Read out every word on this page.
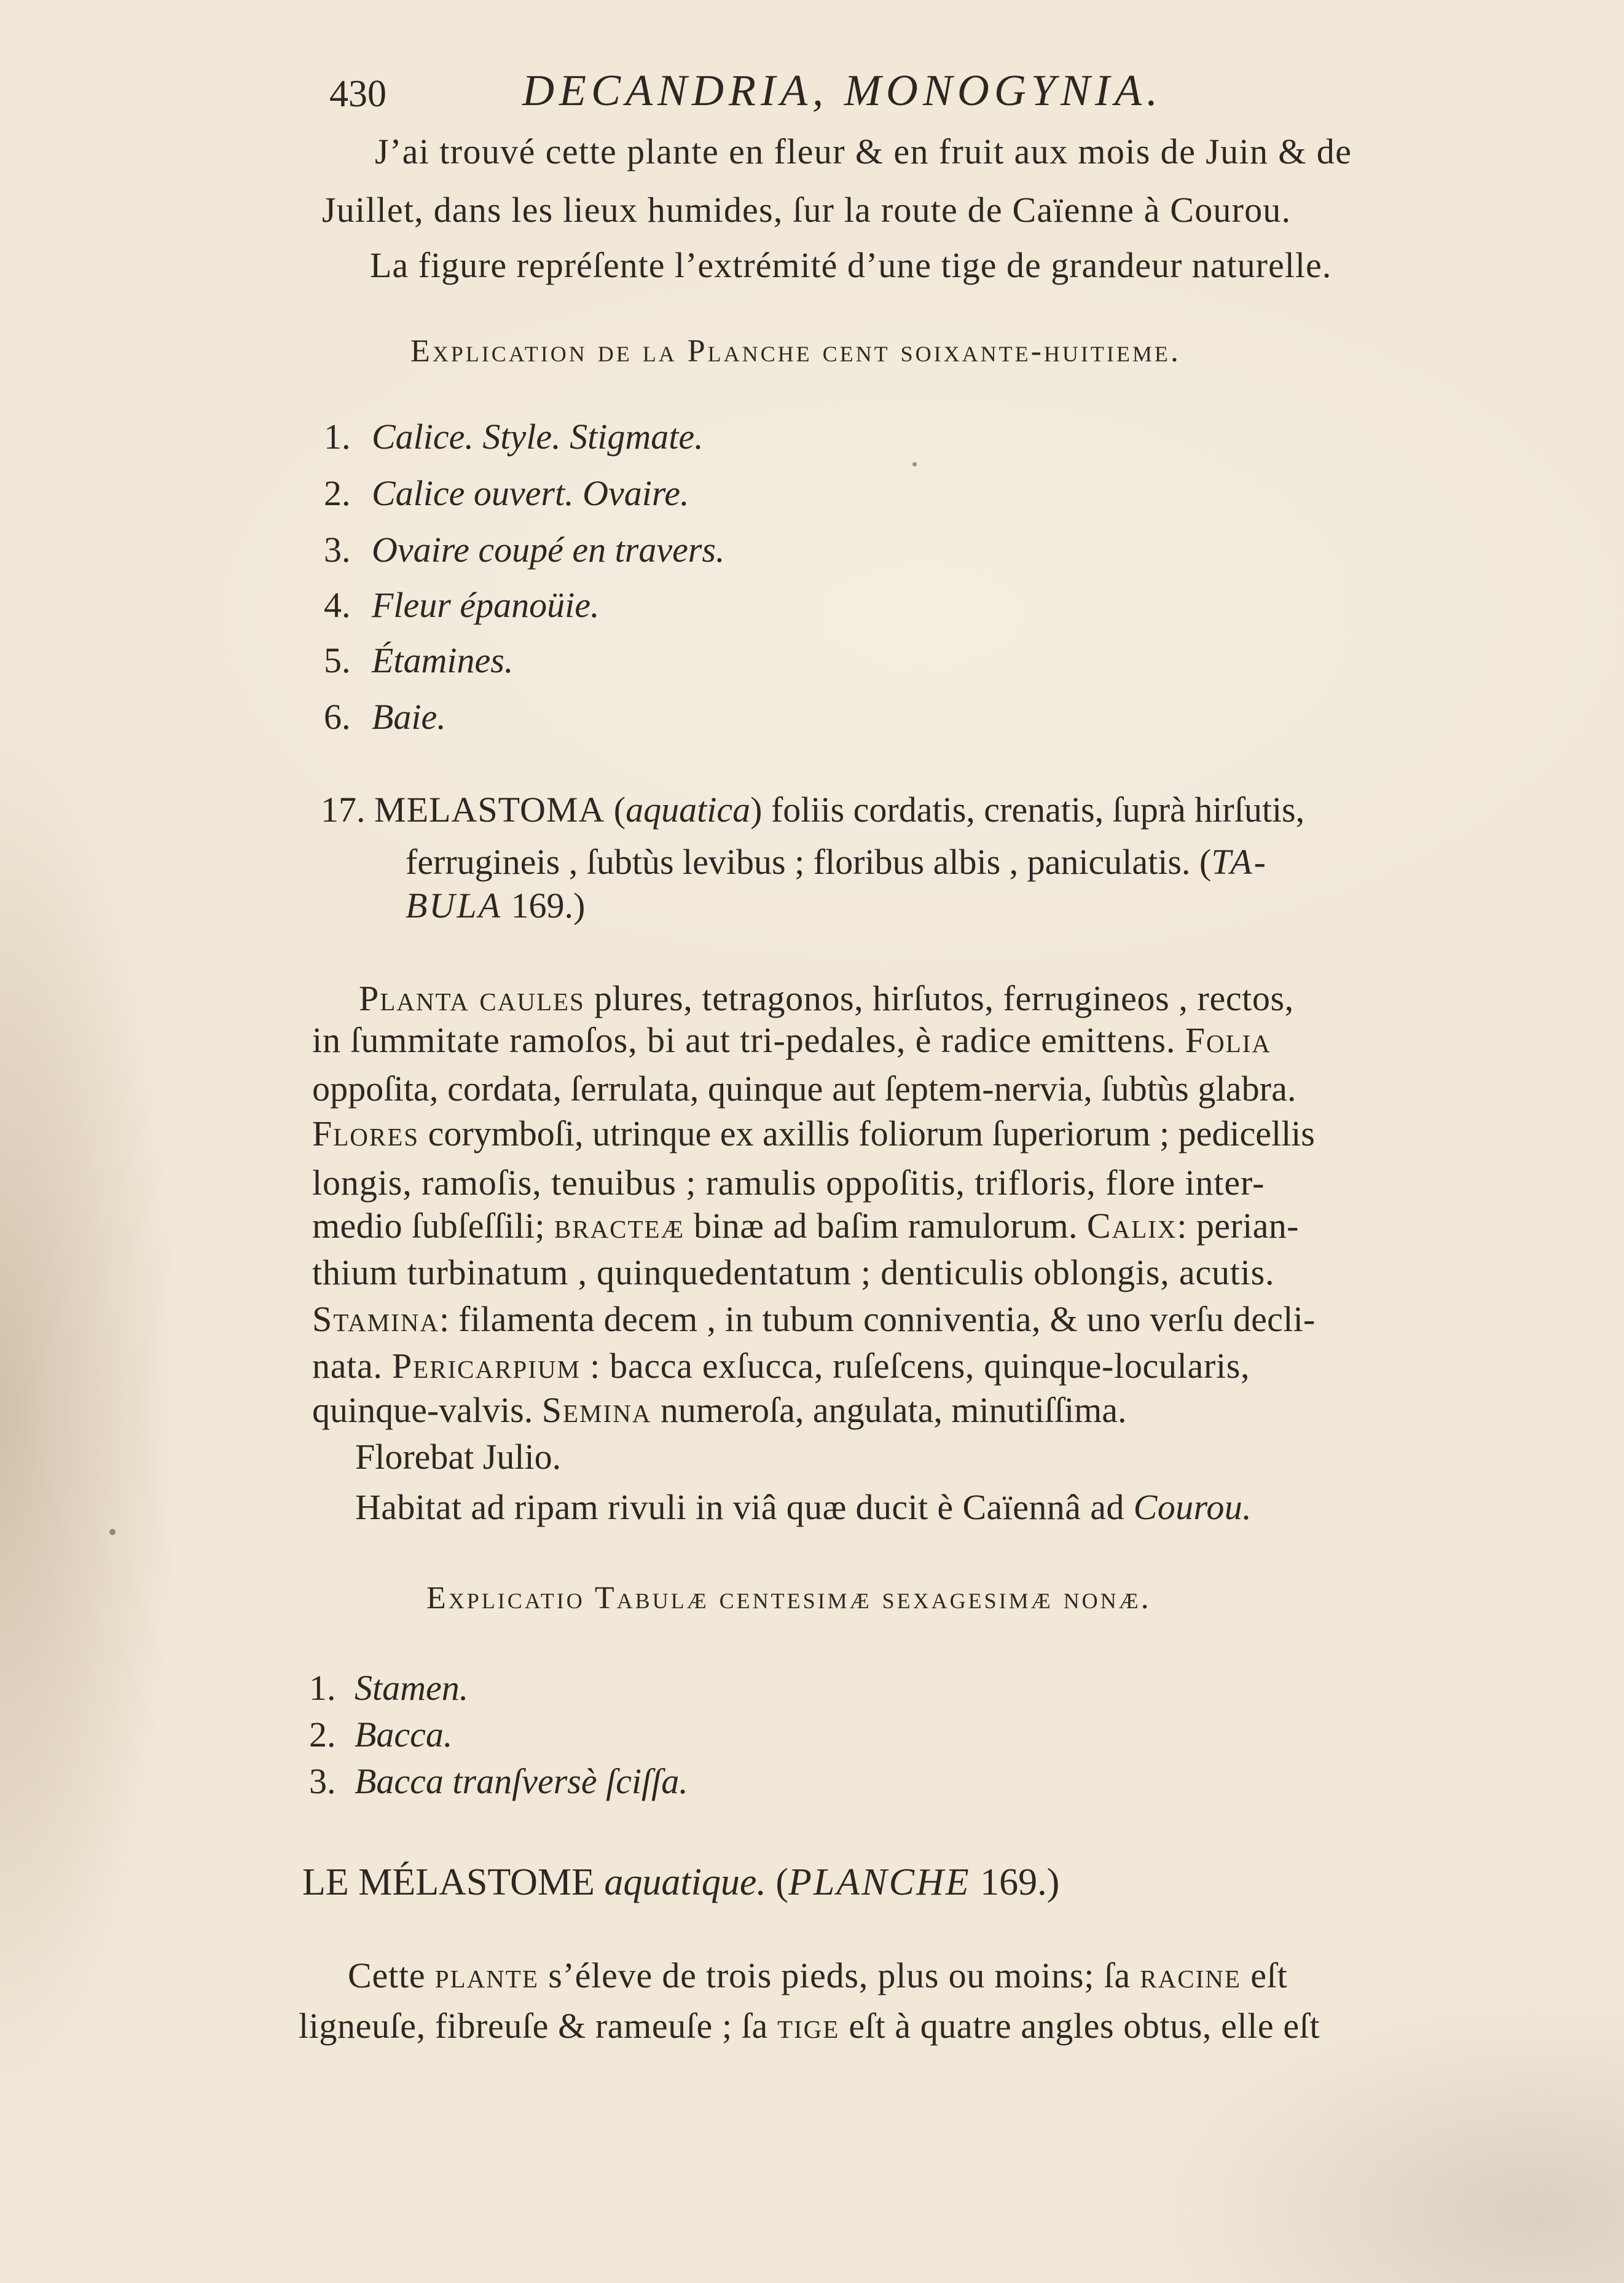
430	DECANDRIA, MONOGYNIA.
J’ai trouvé cette plante en fleur & en fruit aux mois de Juin & de
Juillet, dans les lieux humides, ſur la route de Caïenne à Courou.
La figure repréſente l’extrémité d’une tige de grandeur naturelle.
Explication de la Planche cent soixante-huitieme.
1. Calice. Style. Stigmate.
2. Calice ouvert. Ovaire.
3. Ovaire coupé en travers.
4. Fleur épanoüie.
5. Étamines.
6. Baie.
17. MELASTOMA (aquatica) foliis cordatis, crenatis, ſuprà hirſutis,
ferrugineis , ſubtùs levibus ; floribus albis , paniculatis. (TA-
BULA 169.)
Planta caules plures, tetragonos, hirſutos, ferrugineos , rectos,
in ſummitate ramoſos, bi aut tri-pedales, è radice emittens. Folia
oppoſita, cordata, ſerrulata, quinque aut ſeptem-nervia, ſubtùs glabra.
Flores corymboſi, utrinque ex axillis foliorum ſuperiorum ; pedicellis
longis, ramoſis, tenuibus ; ramulis oppoſitis, trifloris, flore inter-
medio ſubſeſſili; bracteæ binæ ad baſim ramulorum. Calix: perian-
thium turbinatum , quinquedentatum ; denticulis oblongis, acutis.
Stamina: filamenta decem , in tubum conniventia, & uno verſu decli-
nata. Pericarpium : bacca exſucca, ruſeſcens, quinque-locularis,
quinque-valvis. Semina numeroſa, angulata, minutiſſima.
Florebat Julio.
Habitat ad ripam rivuli in viâ quæ ducit è Caïennâ ad Courou.
Explicatio Tabulæ centesimæ sexagesimæ nonæ.
1. Stamen.
2. Bacca.
3. Bacca tranſversè ſciſſa.
LE MÉLASTOME aquatique. (PLANCHE 169.)
Cette plante s’éleve de trois pieds, plus ou moins; ſa racine eſt
ligneuſe, fibreuſe & rameuſe ; ſa tige eſt à quatre angles obtus, elle eſt
